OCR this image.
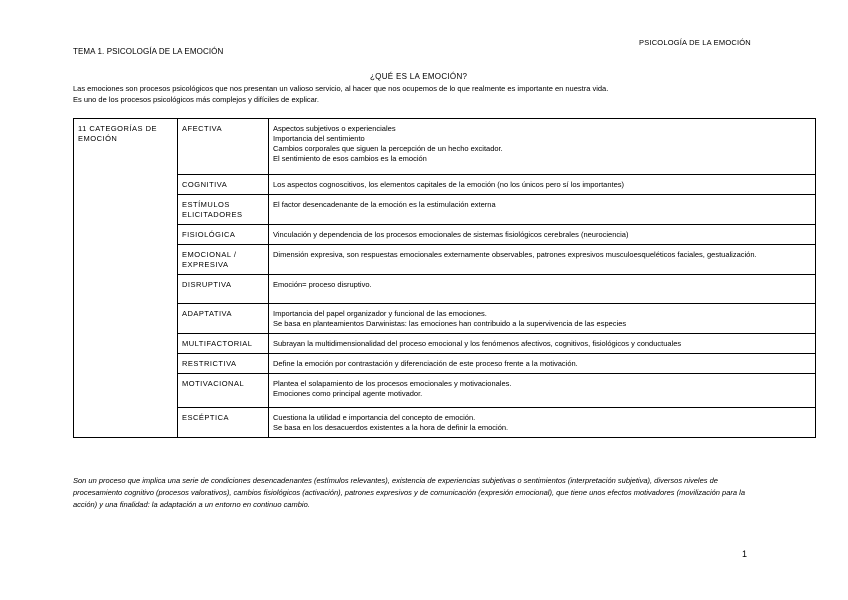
PSICOLOGÍA DE LA EMOCIÓN
TEMA 1. PSICOLOGÍA DE LA EMOCIÓN
¿QUÉ ES LA EMOCIÓN?

Las emociones son procesos psicológicos que nos presentan un valioso servicio, al hacer que nos ocupemos de lo que realmente es importante en nuestra vida.

Es uno de los procesos psicológicos más complejos y difíciles de explicar.

11 CATEGORÍAS DE EMOCIÓN	AFECTIVA	Aspectos subjetivos o experienciales
Importancia del sentimiento
Cambios corporales que siguen la percepción de un hecho excitador.
El sentimiento de esos cambios es la emoción

	COGNITIVA	Los aspectos cognoscitivos, los elementos capitales de la emoción (no los únicos pero sí los importantes)

	ESTÍMULOS ELICITADORES	El factor desencadenante de la emoción es la estimulación externa

	FISIOLÓGICA	Vinculación y dependencia de los procesos emocionales de sistemas fisiológicos cerebrales (neurociencia)

	EMOCIONAL / EXPRESIVA	Dimensión expresiva, son respuestas emocionales externamente observables, patrones expresivos musculoesqueléticos faciales, gestualización.

	DISRUPTIVA	Emoción= proceso disruptivo.

	ADAPTATIVA	Importancia del papel organizador y funcional de las emociones.
Se basa en planteamientos Darwinistas: las emociones han contribuido a la supervivencia de las especies

	MULTIFACTORIAL	Subrayan la multidimensionalidad del proceso emocional y los fenómenos afectivos, cognitivos, fisiológicos y conductuales

	RESTRICTIVA	Define la emoción por contrastación y diferenciación de este proceso frente a la motivación.

	MOTIVACIONAL	Plantea el solapamiento de los procesos emocionales y motivacionales.
Emociones como principal agente motivador.

	ESCÉPTICA	Cuestiona la utilidad e importancia del concepto de emoción.
Se basa en los desacuerdos existentes a la hora de definir la emoción.
Son un proceso que implica una serie de condiciones desencadenantes (estímulos relevantes), existencia de experiencias subjetivas o sentimientos (interpretación subjetiva), diversos niveles de procesamiento cognitivo (procesos valorativos), cambios fisiológicos (activación), patrones expresivos y de comunicación (expresión emocional), que tiene unos efectos motivadores (movilización para la acción) y una finalidad: la adaptación a un entorno en continuo cambio.
1
